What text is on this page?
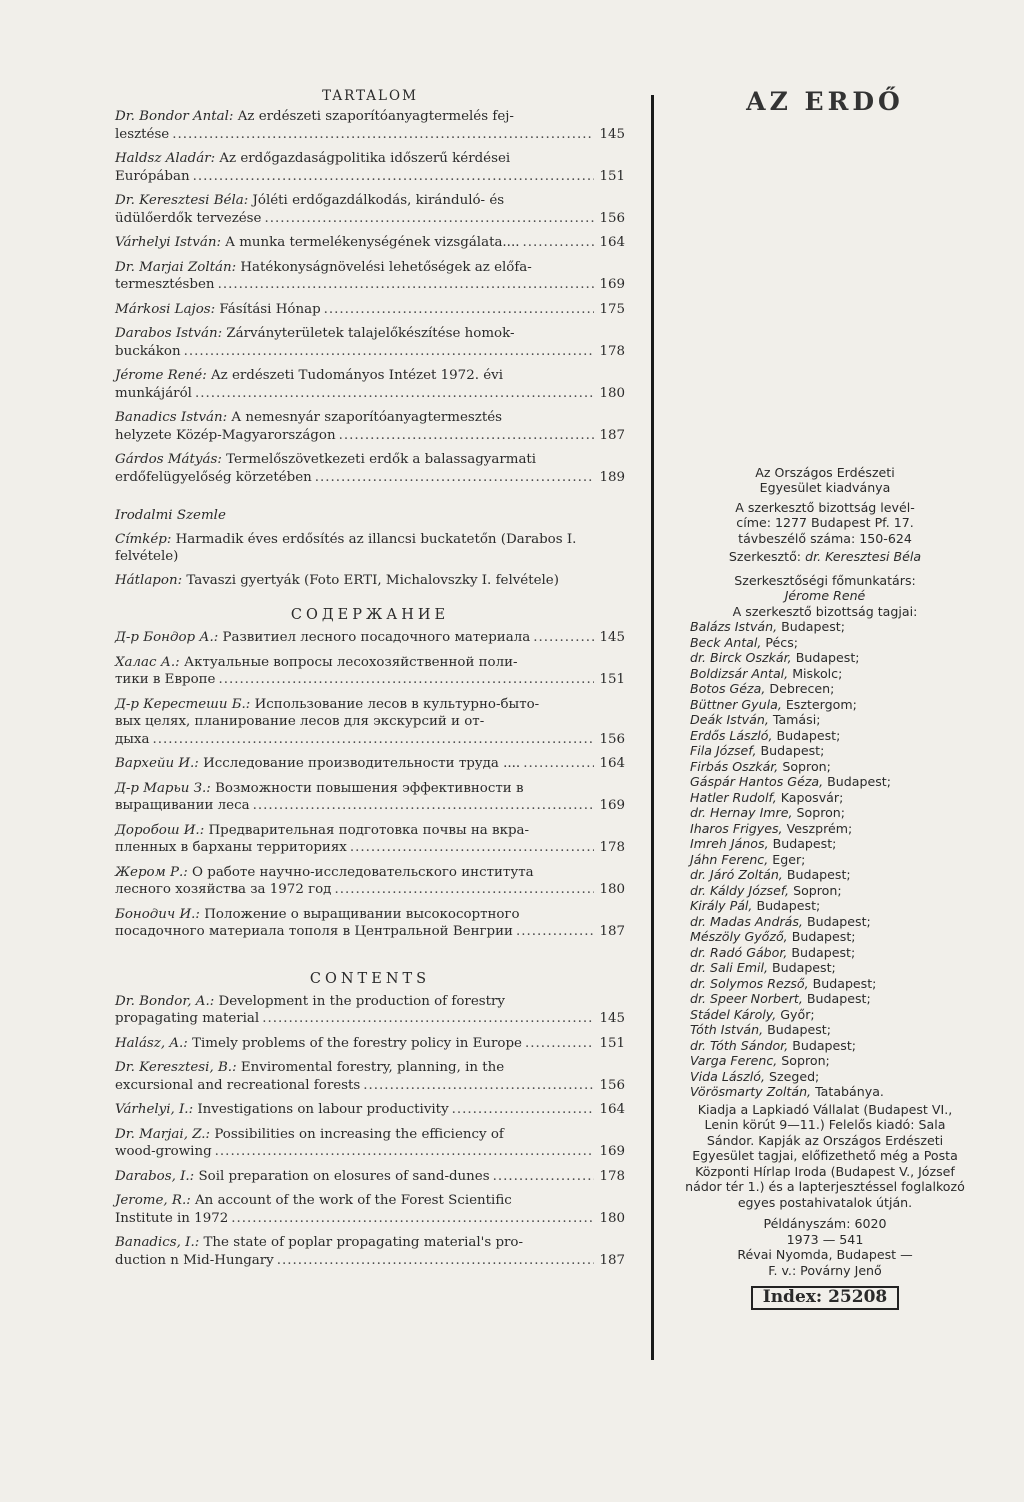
TARTALOM
Dr. Bondor Antal: Az erdészeti szaporítóanyagtermelés fej-
lesztése .....	145
Haldsz Aladár: Az erdőgazdaságpolitika időszerű kérdései
Európában .....	151
Dr. Keresztesi Béla: Jóléti erdőgazdálkodás, kiránduló- és
üdülőerdők tervezése .....	156
Várhelyi István: A munka termelékenységének vizsgálata.... .....	164
Dr. Marjai Zoltán: Hatékonyságnövelési lehetőségek az előfa-
termesztésben .....	169
Márkosi Lajos: Fásítási Hónap .....	175
Darabos István: Zárványterületek talajelőkészítése homok-
buckákon .....	178
Jérome René: Az erdészeti Tudományos Intézet 1972. évi
munkájáról .....	180
Banadics István: A nemesnyár szaporítóanyagtermesztés
helyzete Közép-Magyarországon .....	187
Gárdos Mátyás: Termelőszövetkezeti erdők a balassagyarmati
erdőfelügyelőség körzetében .....	189
Irodalmi Szemle
Címkép: Harmadik éves erdősítés az illancsi buckatetőn (Darabos I. felvétele)
Hátlapon: Tavaszi gyertyák (Foto ERTI, Michalovszky I. felvétele)
СОДЕРЖАНИЕ
Д-р Бондор А.: Развитиел лесного посадочного материала .....	145
Халас А.: Актуальные вопросы лесохозяйственной поли-
тики в Европе .....	151
Д-р Керестеши Б.: Использование лесов в культурно-быто-
вых целях, планирование лесов для экскурсий и от-
дыха .....	156
Вархейи И.: Исследование производительности труда .... .....	164
Д-р Марьи З.: Возможности повышения эффективности в
выращивании леса .....	169
Доробош И.: Предварительная подготовка почвы на вкра-
пленных в барханы территориях .....	178
Жером Р.: О работе научно-исследовательского института
лесного хозяйства за 1972 год .....	180
Бонодич И.: Положение о выращивании высокосортного
посадочного материала тополя в Центральной Венгрии .....	187
CONTENTS
Dr. Bondor, A.: Development in the production of forestry
propagating material .....	145
Halász, A.: Timely problems of the forestry policy in Europe .....	151
Dr. Keresztesi, B.: Enviromental forestry, planning, in the
excursional and recreational forests .....	156
Várhelyi, I.: Investigations on labour productivity .....	164
Dr. Marjai, Z.: Possibilities on increasing the efficiency of
wood-growing .....	169
Darabos, I.: Soil preparation on elosures of sand-dunes .....	178
Jerome, R.: An account of the work of the Forest Scientific
Institute in 1972 .....	180
Banadics, I.: The state of poplar propagating material's pro-
duction n Mid-Hungary .....	187
AZ ERDŐ
Az Országos Erdészeti
Egyesület kiadványa
A szerkesztő bizottság levél-
címe: 1277 Budapest Pf. 17.
távbeszélő száma: 150-624
Szerkesztő: dr. Keresztesi Béla
Szerkesztőségi főmunkatárs:
Jérome René
A szerkesztő bizottság tagjai:
Balázs István, Budapest;
Beck Antal, Pécs;
dr. Birck Oszkár, Budapest;
Boldizsár Antal, Miskolc;
Botos Géza, Debrecen;
Büttner Gyula, Esztergom;
Deák István, Tamási;
Erdős László, Budapest;
Fila József, Budapest;
Firbás Oszkár, Sopron;
Gáspár Hantos Géza, Budapest;
Hatler Rudolf, Kaposvár;
dr. Hernay Imre, Sopron;
Iharos Frigyes, Veszprém;
Imreh János, Budapest;
Jáhn Ferenc, Eger;
dr. Járó Zoltán, Budapest;
dr. Káldy József, Sopron;
Király Pál, Budapest;
dr. Madas András, Budapest;
Mészöly Győző, Budapest;
dr. Radó Gábor, Budapest;
dr. Sali Emil, Budapest;
dr. Solymos Rezső, Budapest;
dr. Speer Norbert, Budapest;
Stádel Károly, Győr;
Tóth István, Budapest;
dr. Tóth Sándor, Budapest;
Varga Ferenc, Sopron;
Vida László, Szeged;
Vörösmarty Zoltán, Tatabánya.
Kiadja a Lapkiadó Vállalat (Budapest VI., Lenin körút 9—11.) Felelős kiadó: Sala Sándor. Kapják az Országos Erdészeti Egyesület tagjai, előfizethető még a Posta Központi Hírlap Iroda (Budapest V., József nádor tér 1.) és a lapterjesztéssel foglalkozó egyes postahivatalok útján.
Példányszám: 6020
1973 — 541
Révai Nyomda, Budapest —
F. v.: Povárny Jenő
Index: 25208
